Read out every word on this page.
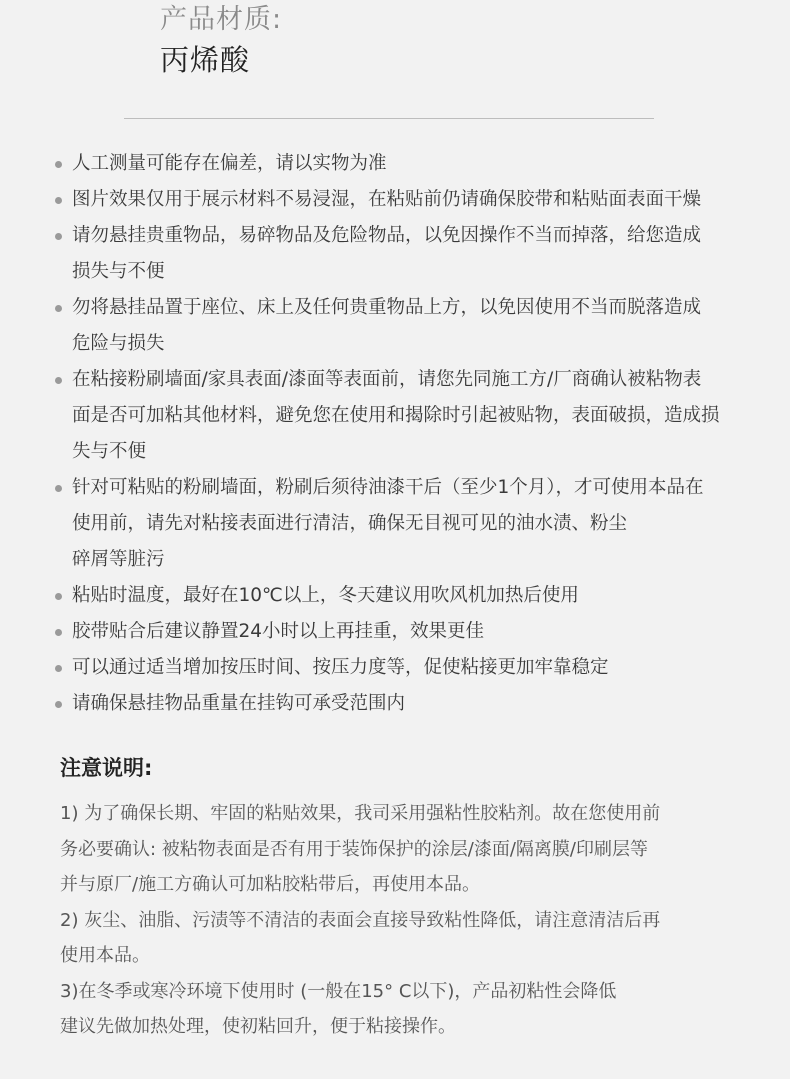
产品材质:
丙烯酸
人工测量可能存在偏差，请以实物为准
图片效果仅用于展示材料不易浸湿，在粘贴前仍请确保胶带和粘贴面表面干燥
请勿悬挂贵重物品，易碎物品及危险物品，以免因操作不当而掉落，给您造成
损失与不便
勿将悬挂品置于座位、床上及任何贵重物品上方，以免因使用不当而脱落造成
危险与损失
在粘接粉刷墙面/家具表面/漆面等表面前，请您先同施工方/厂商确认被粘物表
面是否可加粘其他材料，避免您在使用和揭除时引起被贴物，表面破损，造成损
失与不便
针对可粘贴的粉刷墙面，粉刷后须待油漆干后（至少1个月），才可使用本品在
使用前，请先对粘接表面进行清洁，确保无目视可见的油水渍、粉尘
碎屑等脏污
粘贴时温度，最好在10℃以上，冬天建议用吹风机加热后使用
胶带贴合后建议静置24小时以上再挂重，效果更佳
可以通过适当增加按压时间、按压力度等，促使粘接更加牢靠稳定
请确保悬挂物品重量在挂钩可承受范围内
注意说明:
1) 为了确保长期、牢固的粘贴效果，我司采用强粘性胶粘剂。故在您使用前
务必要确认: 被粘物表面是否有用于装饰保护的涂层/漆面/隔离膜/印刷层等
并与原厂/施工方确认可加粘胶粘带后，再使用本品。
2) 灰尘、油脂、污渍等不清洁的表面会直接导致粘性降低，请注意清洁后再
使用本品。
3)在冬季或寒冷环境下使用时 (一般在15° C以下)，产品初粘性会降低
建议先做加热处理，使初粘回升，便于粘接操作。
